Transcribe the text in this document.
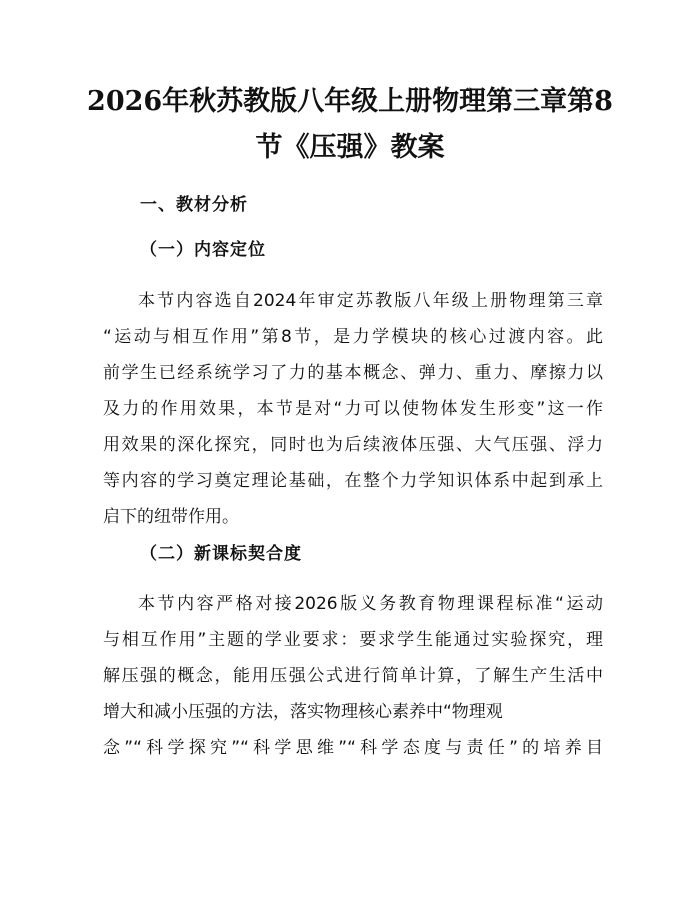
2026年秋苏教版八年级上册物理第三章第8
节《压强》教案
一、教材分析
（一）内容定位
本节内容选自2024年审定苏教版八年级上册物理第三章
“运动与相互作用”第8节，是力学模块的核心过渡内容。此
前学生已经系统学习了力的基本概念、弹力、重力、摩擦力以
及力的作用效果，本节是对“力可以使物体发生形变”这一作
用效果的深化探究，同时也为后续液体压强、大气压强、浮力
等内容的学习奠定理论基础，在整个力学知识体系中起到承上
启下的纽带作用。
（二）新课标契合度
本节内容严格对接2026版义务教育物理课程标准“运动
与相互作用”主题的学业要求：要求学生能通过实验探究，理
解压强的概念，能用压强公式进行简单计算，了解生产生活中
增大和减小压强的方法，落实物理核心素养中“物理观
念”“科学探究”“科学思维”“科学态度与责任”的培养目
